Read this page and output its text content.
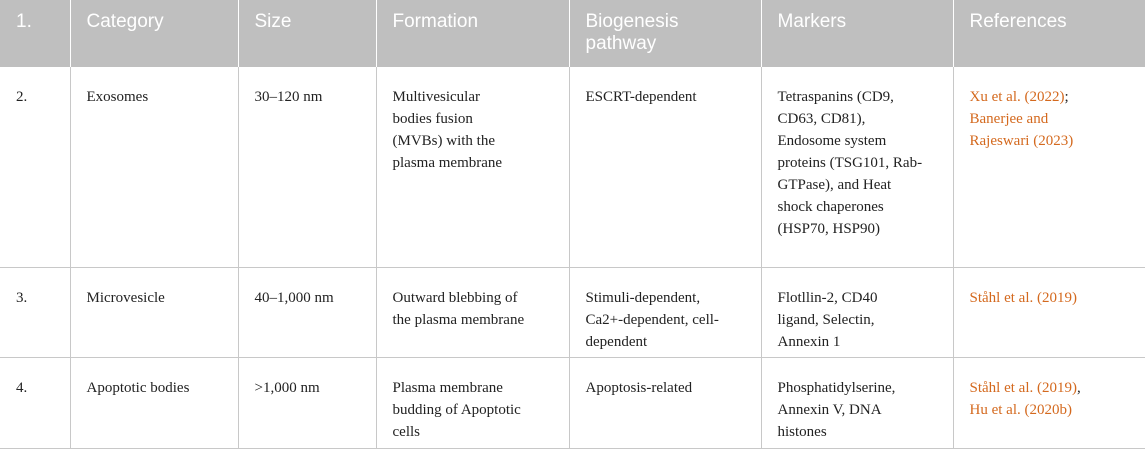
1.	Category	Size	Formation	Biogenesis pathway	Markers	References
2.	Exosomes	30–120 nm	Multivesicular bodies fusion (MVBs) with the plasma membrane	ESCRT-dependent	Tetraspanins (CD9, CD63, CD81), Endosome system proteins (TSG101, Rab-GTPase), and Heat shock chaperones (HSP70, HSP90)	Xu et al. (2022); Banerjee and Rajeswari (2023)
3.	Microvesicle	40–1,000 nm	Outward blebbing of the plasma membrane	Stimuli-dependent, Ca2+-dependent, cell-dependent	Flotllin-2, CD40 ligand, Selectin, Annexin 1	Ståhl et al. (2019)
4.	Apoptotic bodies	>1,000 nm	Plasma membrane budding of Apoptotic cells	Apoptosis-related	Phosphatidylserine, Annexin V, DNA histones	Ståhl et al. (2019),
Hu et al. (2020b)
